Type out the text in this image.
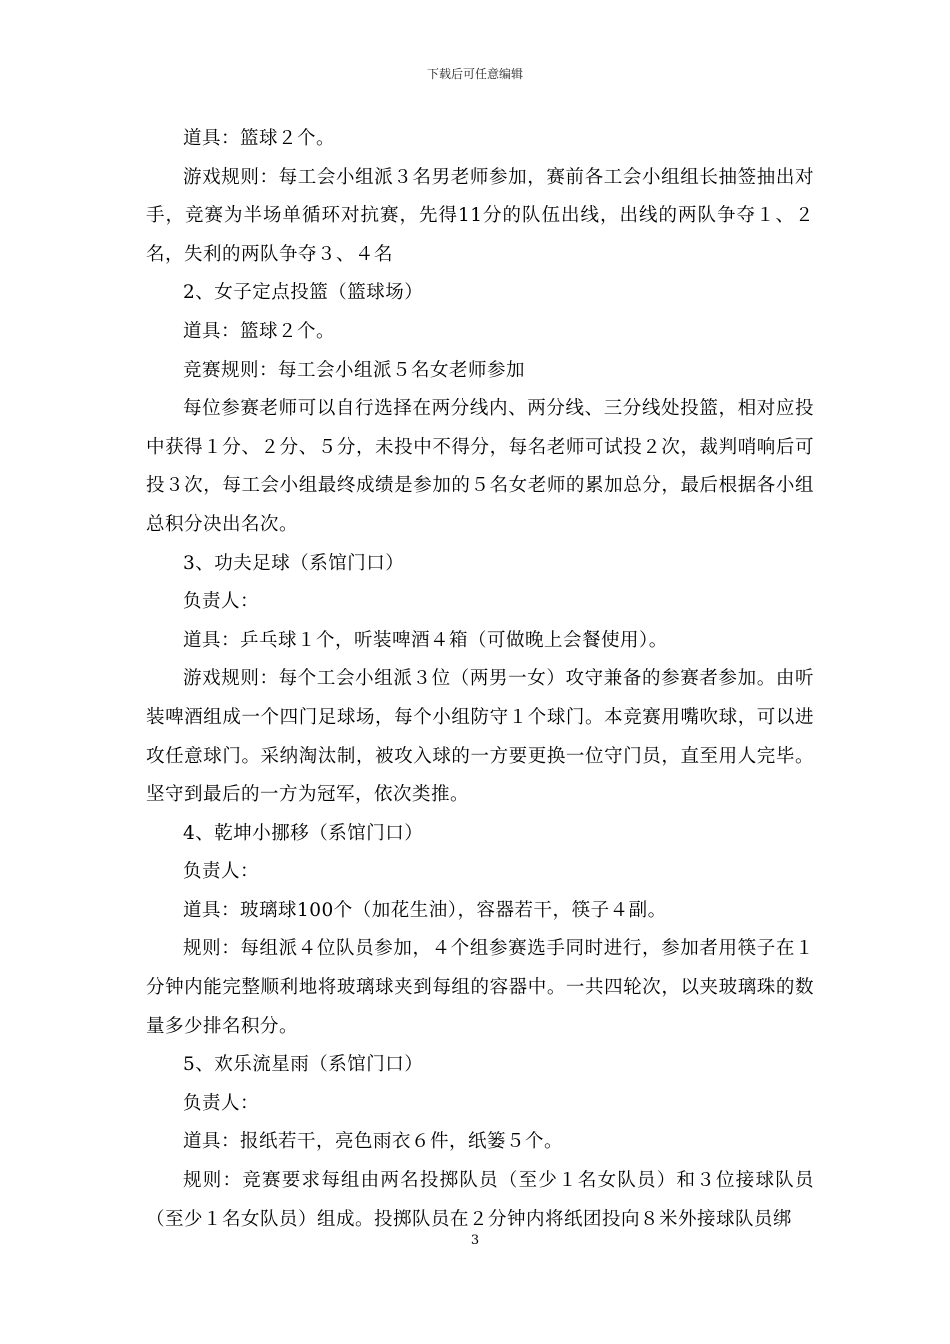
下载后可任意编辑

道具：篮球２个。

游戏规则：每工会小组派３名男老师参加，赛前各工会小组组长抽签抽出对手，竞赛为半场单循环对抗赛，先得11分的队伍出线，出线的两队争夺１、２名，失利的两队争夺３、４名

2、女子定点投篮（篮球场）

道具：篮球２个。

竞赛规则：每工会小组派５名女老师参加

每位参赛老师可以自行选择在两分线内、两分线、三分线处投篮，相对应投中获得１分、２分、５分，未投中不得分，每名老师可试投２次，裁判哨响后可投３次，每工会小组最终成绩是参加的５名女老师的累加总分，最后根据各小组总积分决出名次。

3、功夫足球（系馆门口）

负责人：

道具：乒乓球１个，听装啤酒４箱（可做晚上会餐使用）。

游戏规则：每个工会小组派３位（两男一女）攻守兼备的参赛者参加。由听装啤酒组成一个四门足球场，每个小组防守１个球门。本竞赛用嘴吹球，可以进攻任意球门。采纳淘汰制，被攻入球的一方要更换一位守门员，直至用人完毕。坚守到最后的一方为冠军，依次类推。

4、乾坤小挪移（系馆门口）

负责人：

道具：玻璃球100个（加花生油），容器若干，筷子４副。

规则：每组派４位队员参加，４个组参赛选手同时进行，参加者用筷子在１分钟内能完整顺利地将玻璃球夹到每组的容器中。一共四轮次，以夹玻璃珠的数量多少排名积分。

5、欢乐流星雨（系馆门口）

负责人：

道具：报纸若干，亮色雨衣６件，纸篓５个。

规则：竞赛要求每组由两名投掷队员（至少１名女队员）和３位接球队员（至少１名女队员）组成。投掷队员在２分钟内将纸团投向８米外接球队员绑

3
